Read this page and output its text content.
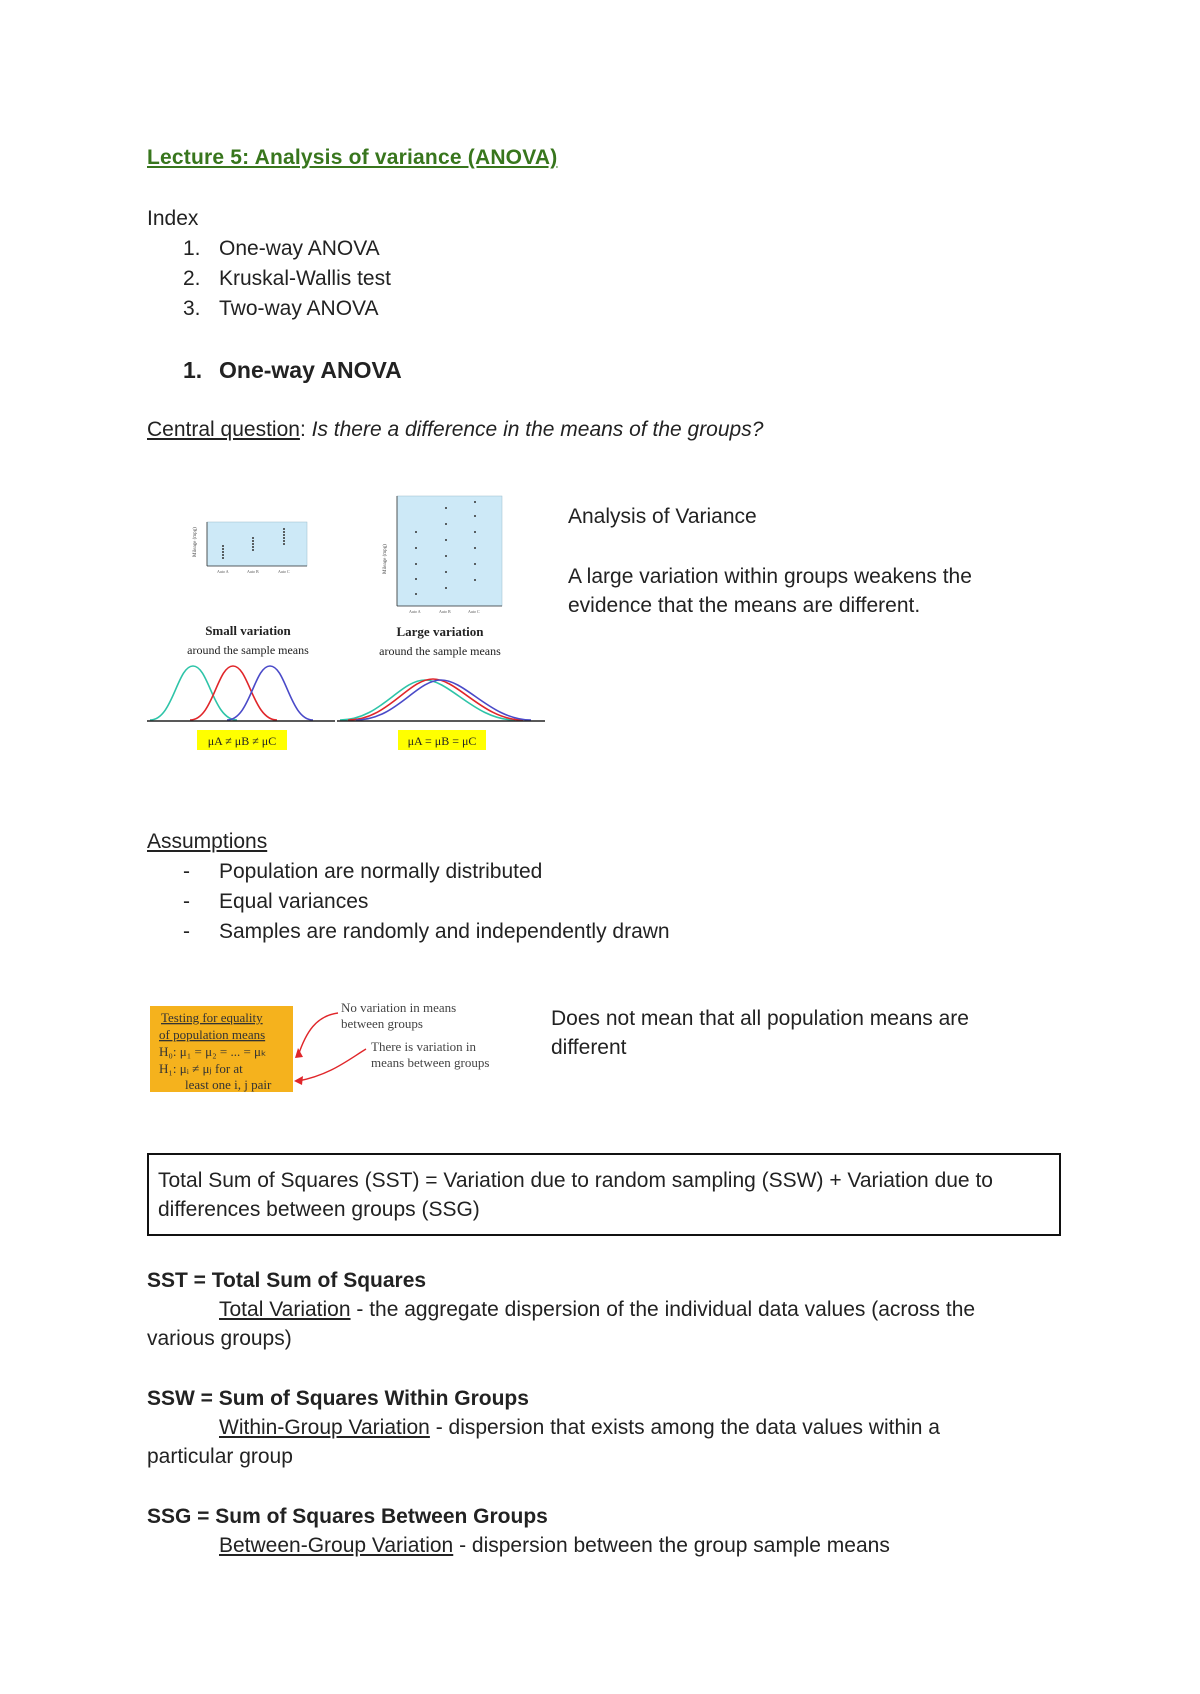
Lecture 5: Analysis of variance (ANOVA)
Index
1. One-way ANOVA
2. Kruskal-Wallis test
3. Two-way ANOVA
1. One-way ANOVA
Central question: Is there a difference in the means of the groups?
Mileage (mpg)
Auto A	Auto B	Auto C	Mileage (mpg)
Auto A	Auto B	Auto C
Small variation
around the sample means
Large variation
around the sample means
μA ≠ μB ≠ μC	μA = μB = μC
Analysis of Variance
A large variation within groups weakens the
evidence that the means are different.
Assumptions
- Population are normally distributed
- Equal variances
- Samples are randomly and independently drawn
Testing for equality
of population means
H₀: μ₁ = μ₂ = ... = μₖ
H₁: μᵢ ≠ μⱼ for at
least one i, j pair
No variation in means
between groups
There is variation in
means between groups
Does not mean that all population means are
different
Total Sum of Squares (SST) = Variation due to random sampling (SSW) + Variation due to
differences between groups (SSG)
SST = Total Sum of Squares
Total Variation - the aggregate dispersion of the individual data values (across the
various groups)
SSW = Sum of Squares Within Groups
Within-Group Variation - dispersion that exists among the data values within a
particular group
SSG = Sum of Squares Between Groups
Between-Group Variation - dispersion between the group sample means
